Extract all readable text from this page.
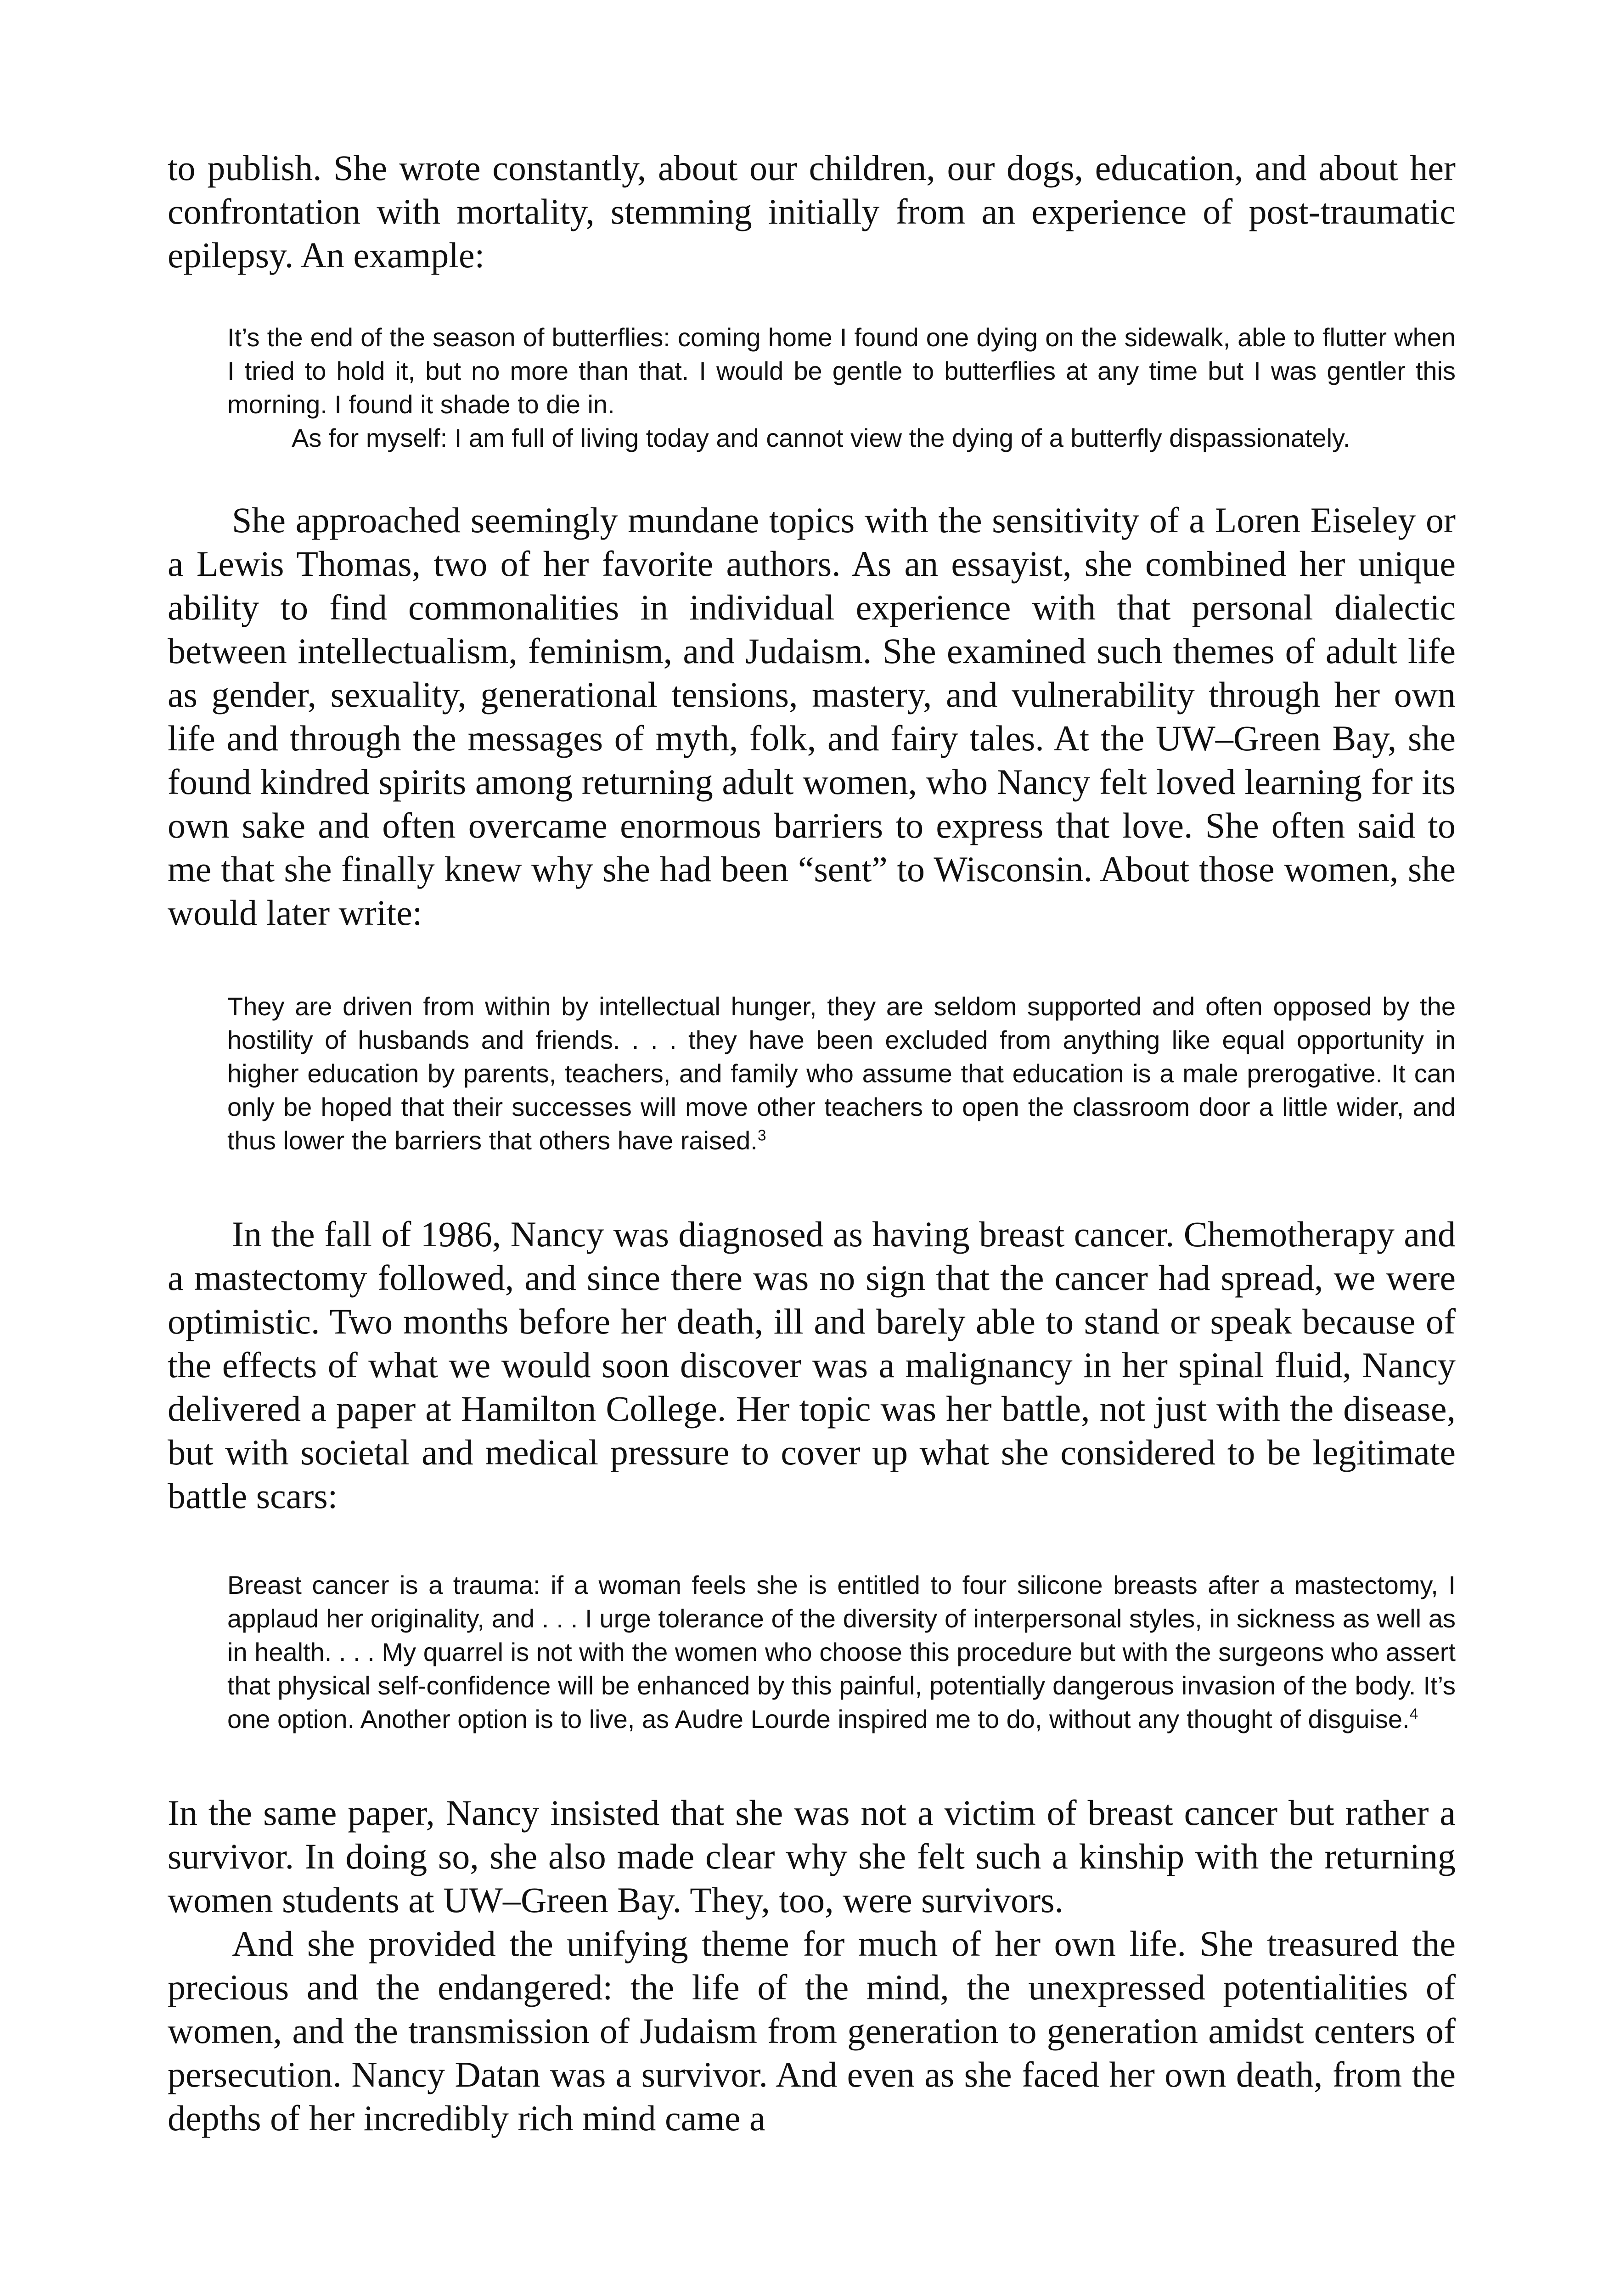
to publish. She wrote constantly, about our children, our dogs, education, and about her confrontation with mortality, stemming initially from an experience of post-traumatic epilepsy. An example:

It’s the end of the season of butterflies: coming home I found one dying on the sidewalk, able to flutter when I tried to hold it, but no more than that. I would be gentle to butterflies at any time but I was gentler this morning. I found it shade to die in.

As for myself: I am full of living today and cannot view the dying of a butterfly dispassionately.

She approached seemingly mundane topics with the sensitivity of a Loren Eiseley or a Lewis Thomas, two of her favorite authors. As an essayist, she combined her unique ability to find commonalities in individual experience with that personal dialectic between intellectualism, feminism, and Judaism. She examined such themes of adult life as gender, sexuality, generational tensions, mastery, and vulnerability through her own life and through the messages of myth, folk, and fairy tales. At the UW–Green Bay, she found kindred spirits among returning adult women, who Nancy felt loved learning for its own sake and often overcame enormous barriers to express that love. She often said to me that she finally knew why she had been “sent” to Wisconsin. About those women, she would later write:

They are driven from within by intellectual hunger, they are seldom supported and often opposed by the hostility of husbands and friends. . . . they have been excluded from anything like equal opportunity in higher education by parents, teachers, and family who assume that education is a male prerogative. It can only be hoped that their successes will move other teachers to open the classroom door a little wider, and thus lower the barriers that others have raised.$^3$

In the fall of 1986, Nancy was diagnosed as having breast cancer. Chemotherapy and a mastectomy followed, and since there was no sign that the cancer had spread, we were optimistic. Two months before her death, ill and barely able to stand or speak because of the effects of what we would soon discover was a malignancy in her spinal fluid, Nancy delivered a paper at Hamilton College. Her topic was her battle, not just with the disease, but with societal and medical pressure to cover up what she considered to be legitimate battle scars:

Breast cancer is a trauma: if a woman feels she is entitled to four silicone breasts after a mastectomy, I applaud her originality, and . . . I urge tolerance of the diversity of interpersonal styles, in sickness as well as in health. . . . My quarrel is not with the women who choose this procedure but with the surgeons who assert that physical self-confidence will be enhanced by this painful, potentially dangerous invasion of the body. It’s one option. Another option is to live, as Audre Lourde inspired me to do, without any thought of disguise.$^4$

In the same paper, Nancy insisted that she was not a victim of breast cancer but rather a survivor. In doing so, she also made clear why she felt such a kinship with the returning women students at UW–Green Bay. They, too, were survivors.

And she provided the unifying theme for much of her own life. She treasured the precious and the endangered: the life of the mind, the unexpressed potentialities of women, and the transmission of Judaism from generation to generation amidst centers of persecution. Nancy Datan was a survivor. And even as she faced her own death, from the depths of her incredibly rich mind came a
